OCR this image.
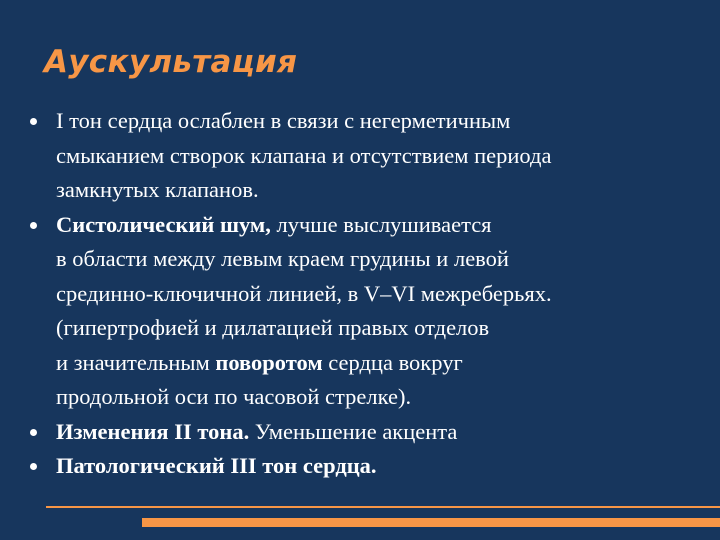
Аускультация
I тон сердца ослаблен в связи с негерметичным
смыканием створок клапана и отсутствием периода
замкнутых клапанов.
Систолический шум, лучше выслушивается
в области между левым краем грудины и левой
срединно-ключичной линией, в V–VI межреберьях.
(гипертрофией и дилатацией правых отделов
и значительным поворотом сердца вокруг
продольной оси по часовой стрелке).
Изменения II тона. Уменьшение акцента
Патологический III тон сердца.
